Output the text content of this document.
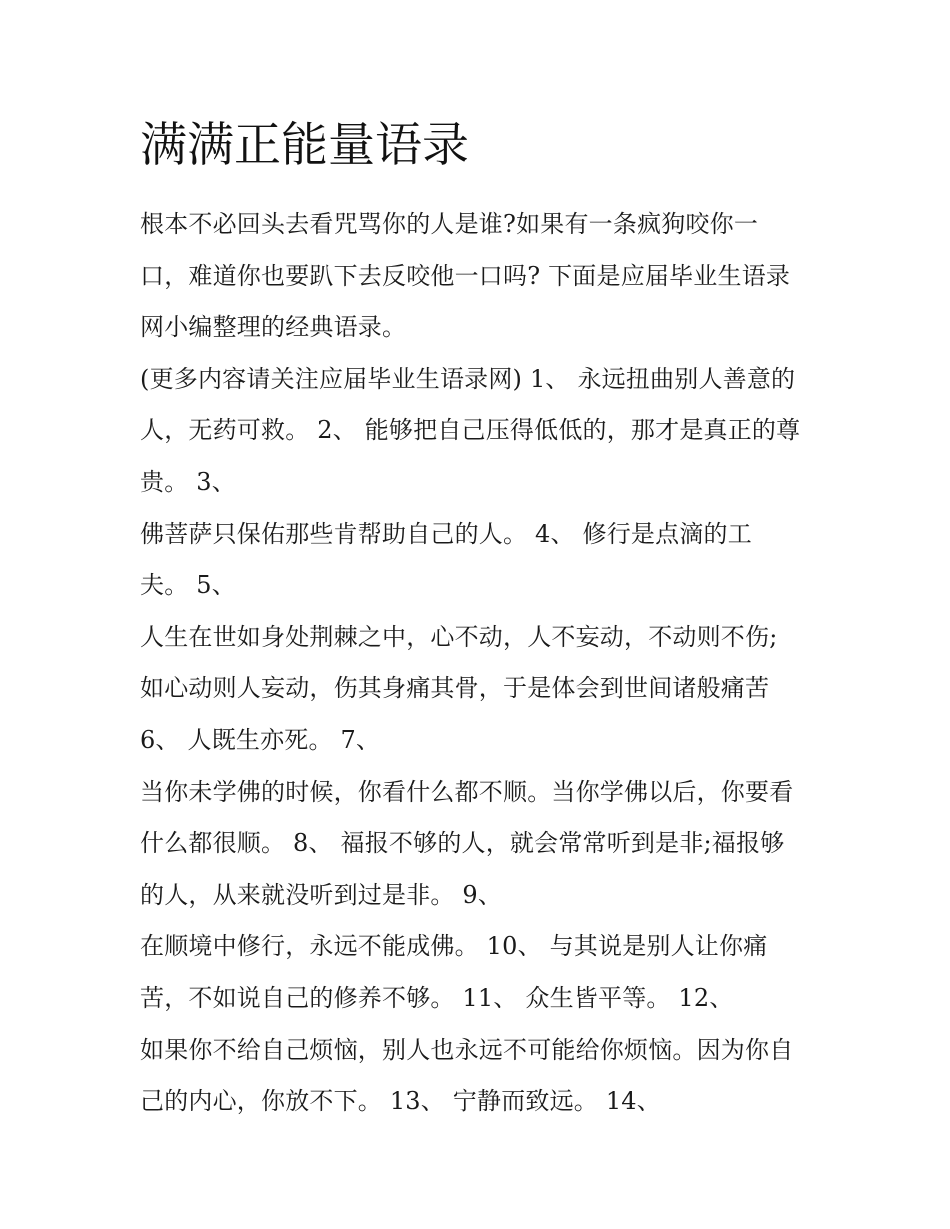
满满正能量语录
根本不必回头去看咒骂你的人是谁?如果有一条疯狗咬你一
口，难道你也要趴下去反咬他一口吗? 下面是应届毕业生语录
网小编整理的经典语录。
(更多内容请关注应届毕业生语录网) 1、 永远扭曲别人善意的
人，无药可救。 2、 能够把自己压得低低的，那才是真正的尊
贵。 3、
佛菩萨只保佑那些肯帮助自己的人。 4、 修行是点滴的工
夫。 5、
人生在世如身处荆棘之中，心不动，人不妄动，不动则不伤;
如心动则人妄动，伤其身痛其骨，于是体会到世间诸般痛苦
6、 人既生亦死。 7、
当你未学佛的时候，你看什么都不顺。当你学佛以后，你要看
什么都很顺。 8、 福报不够的人，就会常常听到是非;福报够
的人，从来就没听到过是非。 9、
在顺境中修行，永远不能成佛。 10、 与其说是别人让你痛
苦，不如说自己的修养不够。 11、 众生皆平等。 12、
如果你不给自己烦恼，别人也永远不可能给你烦恼。因为你自
己的内心，你放不下。 13、 宁静而致远。 14、
